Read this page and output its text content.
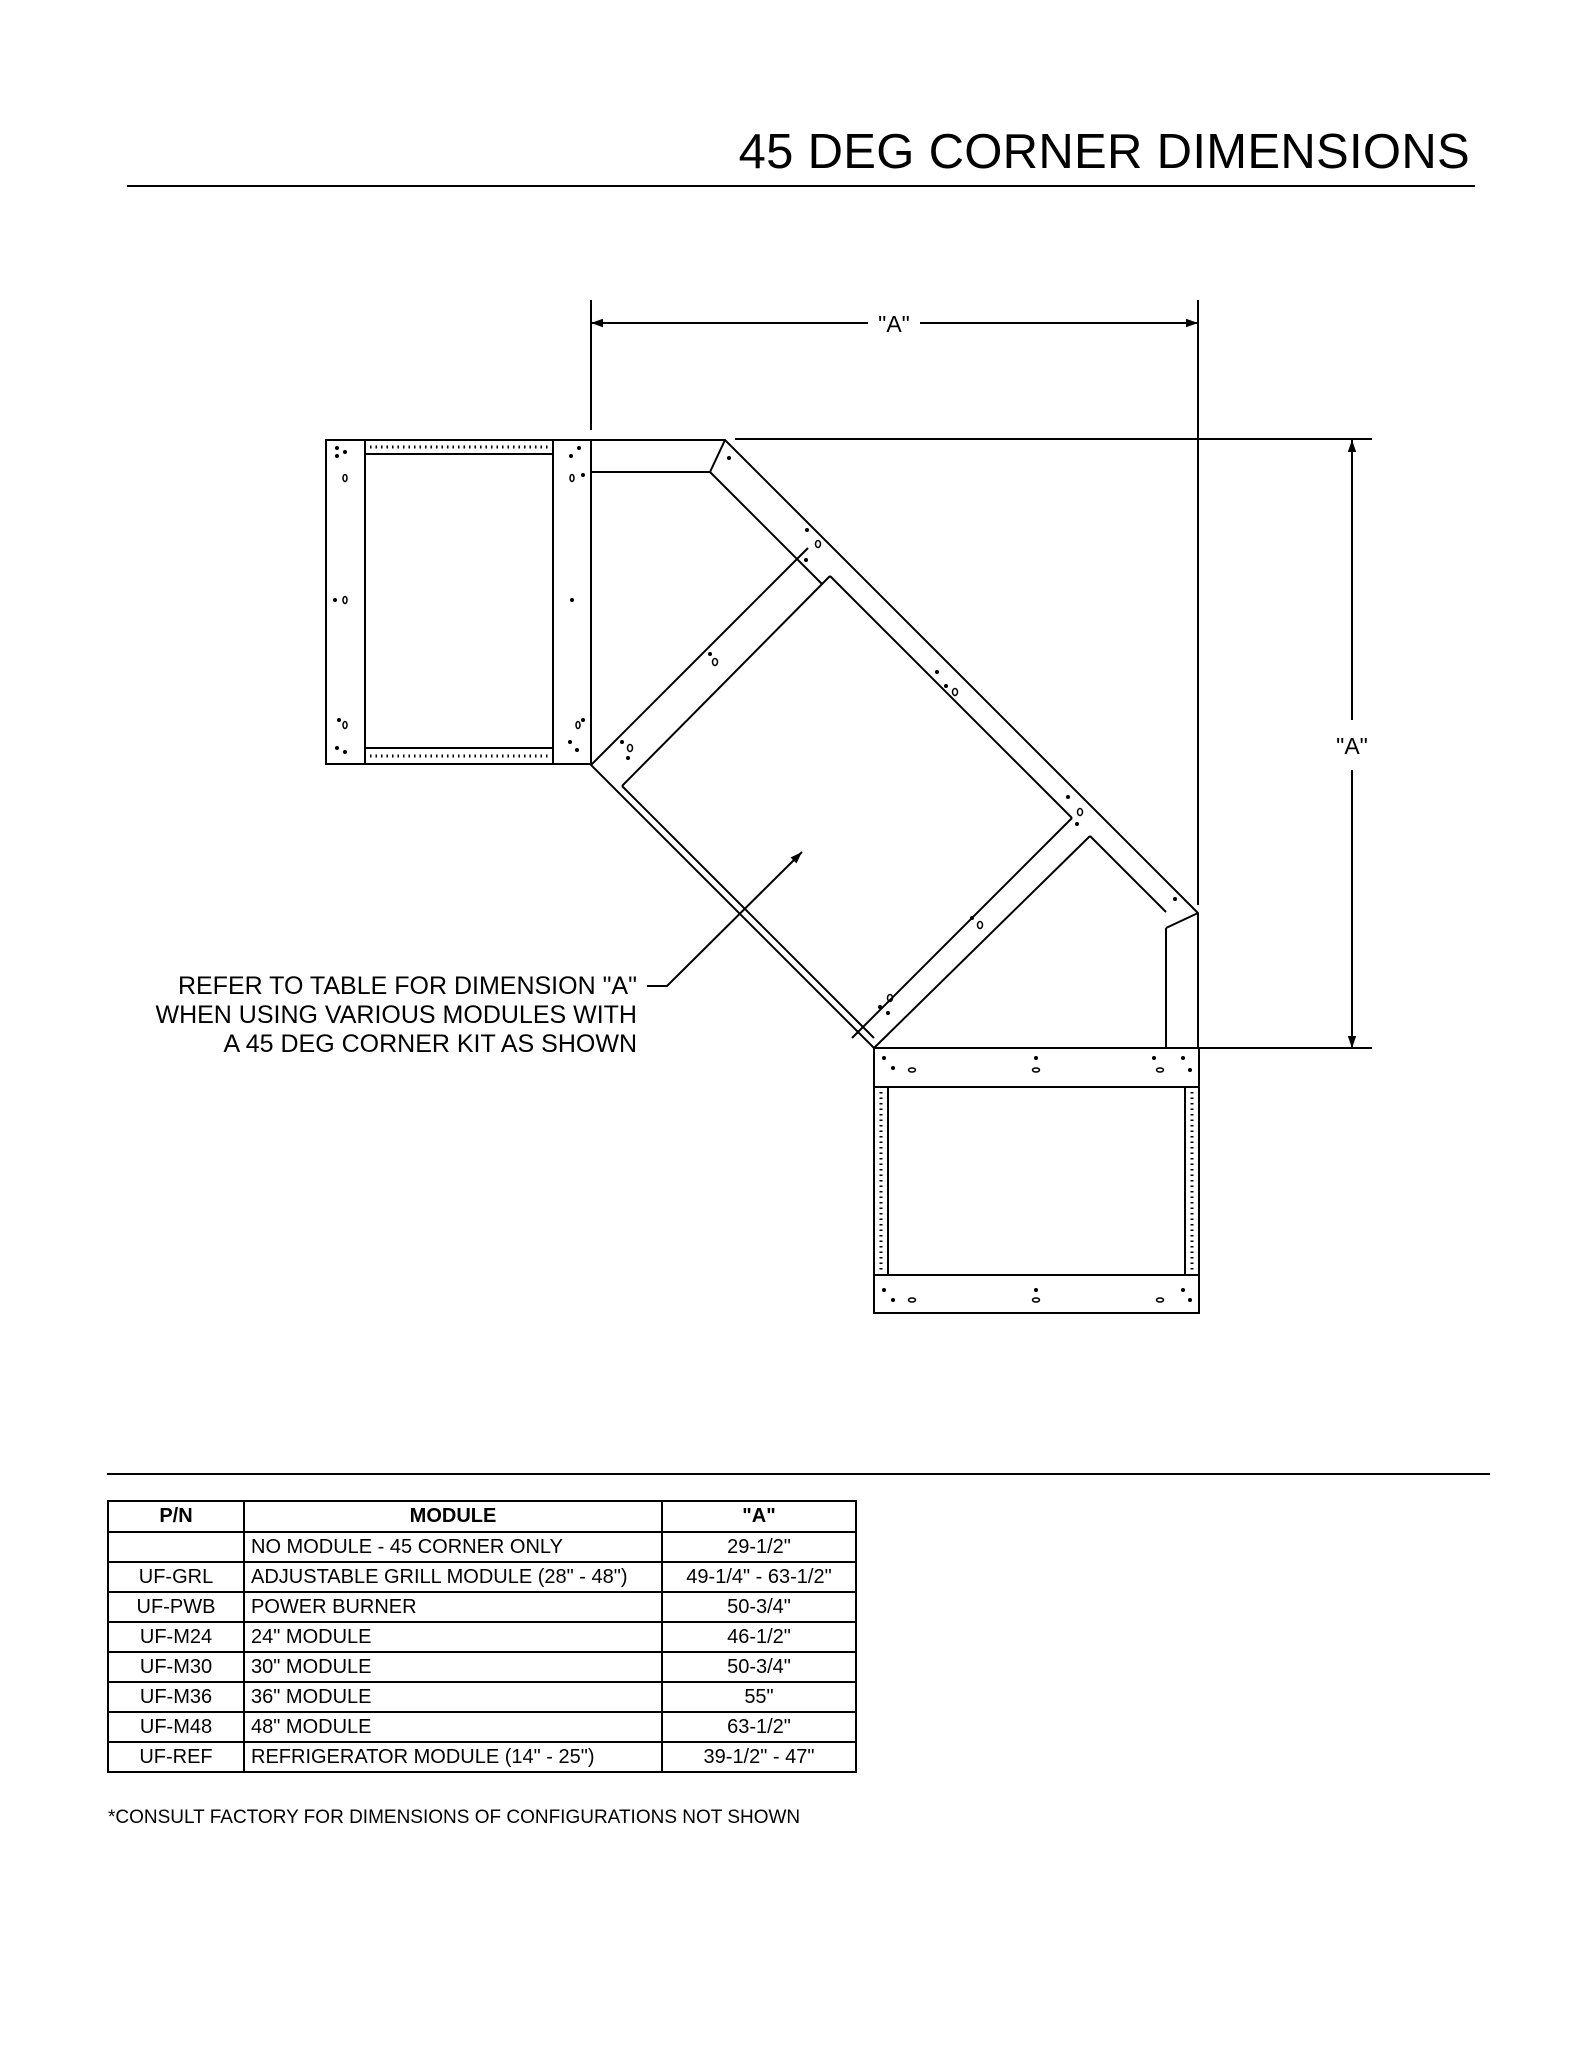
45 DEG CORNER DIMENSIONS
"A"
"A"
REFER TO TABLE FOR DIMENSION "A"
WHEN USING VARIOUS MODULES WITH
A 45 DEG CORNER KIT AS SHOWN
P/N	MODULE	"A"
	NO MODULE - 45 CORNER ONLY	29-1/2"
UF-GRL	ADJUSTABLE GRILL MODULE (28" - 48")	49-1/4" - 63-1/2"
UF-PWB	POWER BURNER	50-3/4"
UF-M24	24" MODULE	46-1/2"
UF-M30	30" MODULE	50-3/4"
UF-M36	36" MODULE	55"
UF-M48	48" MODULE	63-1/2"
UF-REF	REFRIGERATOR MODULE (14" - 25")	39-1/2" - 47"
*CONSULT FACTORY FOR DIMENSIONS OF CONFIGURATIONS NOT SHOWN
